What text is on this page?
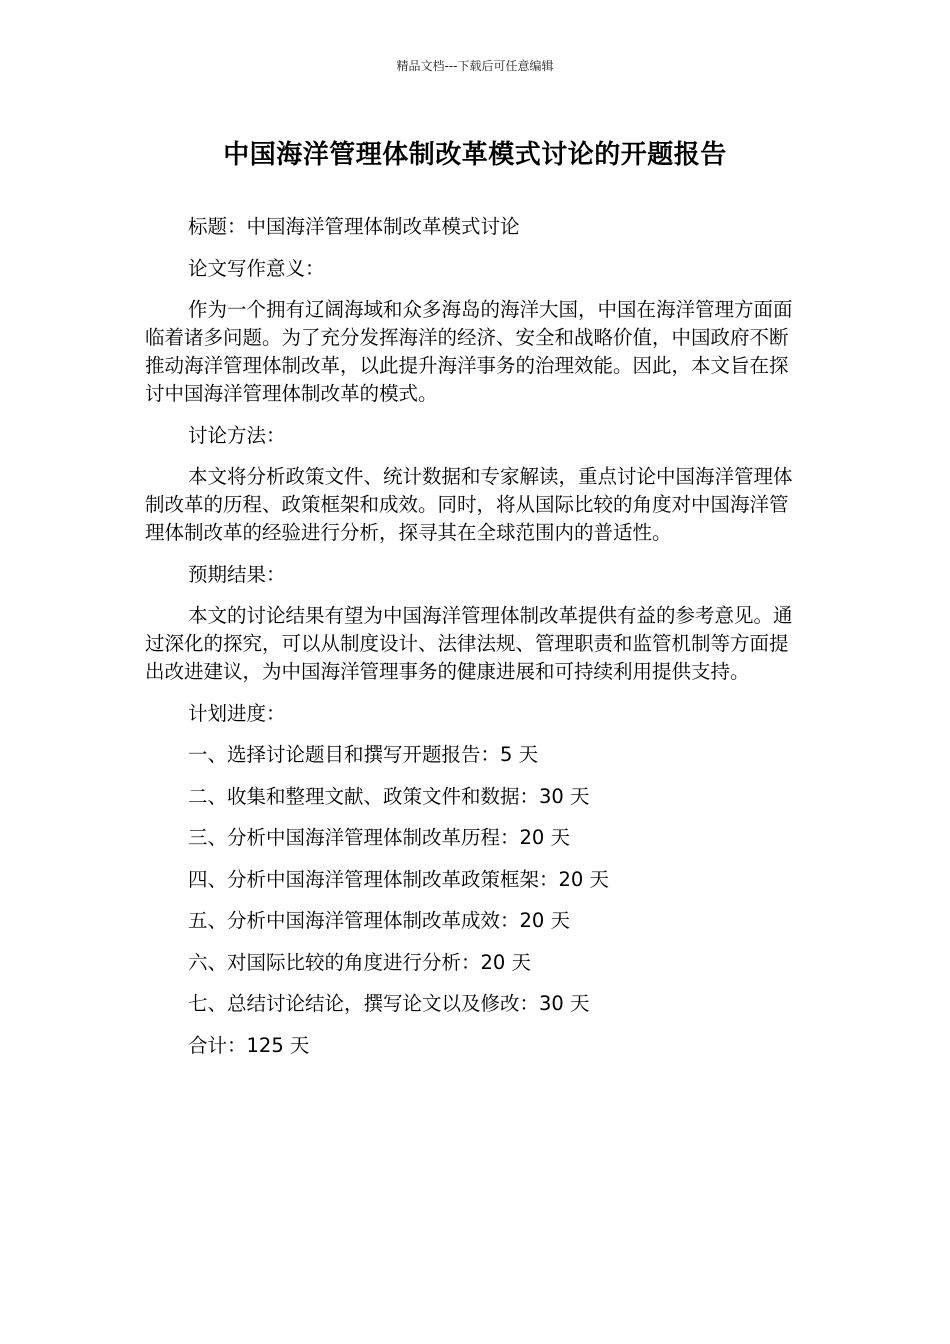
精品文档---下载后可任意编辑
中国海洋管理体制改革模式讨论的开题报告

标题：中国海洋管理体制改革模式讨论

论文写作意义：

作为一个拥有辽阔海域和众多海岛的海洋大国，中国在海洋管理方面面临着诸多问题。为了充分发挥海洋的经济、安全和战略价值，中国政府不断推动海洋管理体制改革，以此提升海洋事务的治理效能。因此，本文旨在探讨中国海洋管理体制改革的模式。

讨论方法：

本文将分析政策文件、统计数据和专家解读，重点讨论中国海洋管理体制改革的历程、政策框架和成效。同时，将从国际比较的角度对中国海洋管理体制改革的经验进行分析，探寻其在全球范围内的普适性。

预期结果：

本文的讨论结果有望为中国海洋管理体制改革提供有益的参考意见。通过深化的探究，可以从制度设计、法律法规、管理职责和监管机制等方面提出改进建议，为中国海洋管理事务的健康进展和可持续利用提供支持。

计划进度：

一、选择讨论题目和撰写开题报告：5 天

二、收集和整理文献、政策文件和数据：30 天

三、分析中国海洋管理体制改革历程：20 天

四、分析中国海洋管理体制改革政策框架：20 天

五、分析中国海洋管理体制改革成效：20 天

六、对国际比较的角度进行分析：20 天

七、总结讨论结论，撰写论文以及修改：30 天

合计：125 天
